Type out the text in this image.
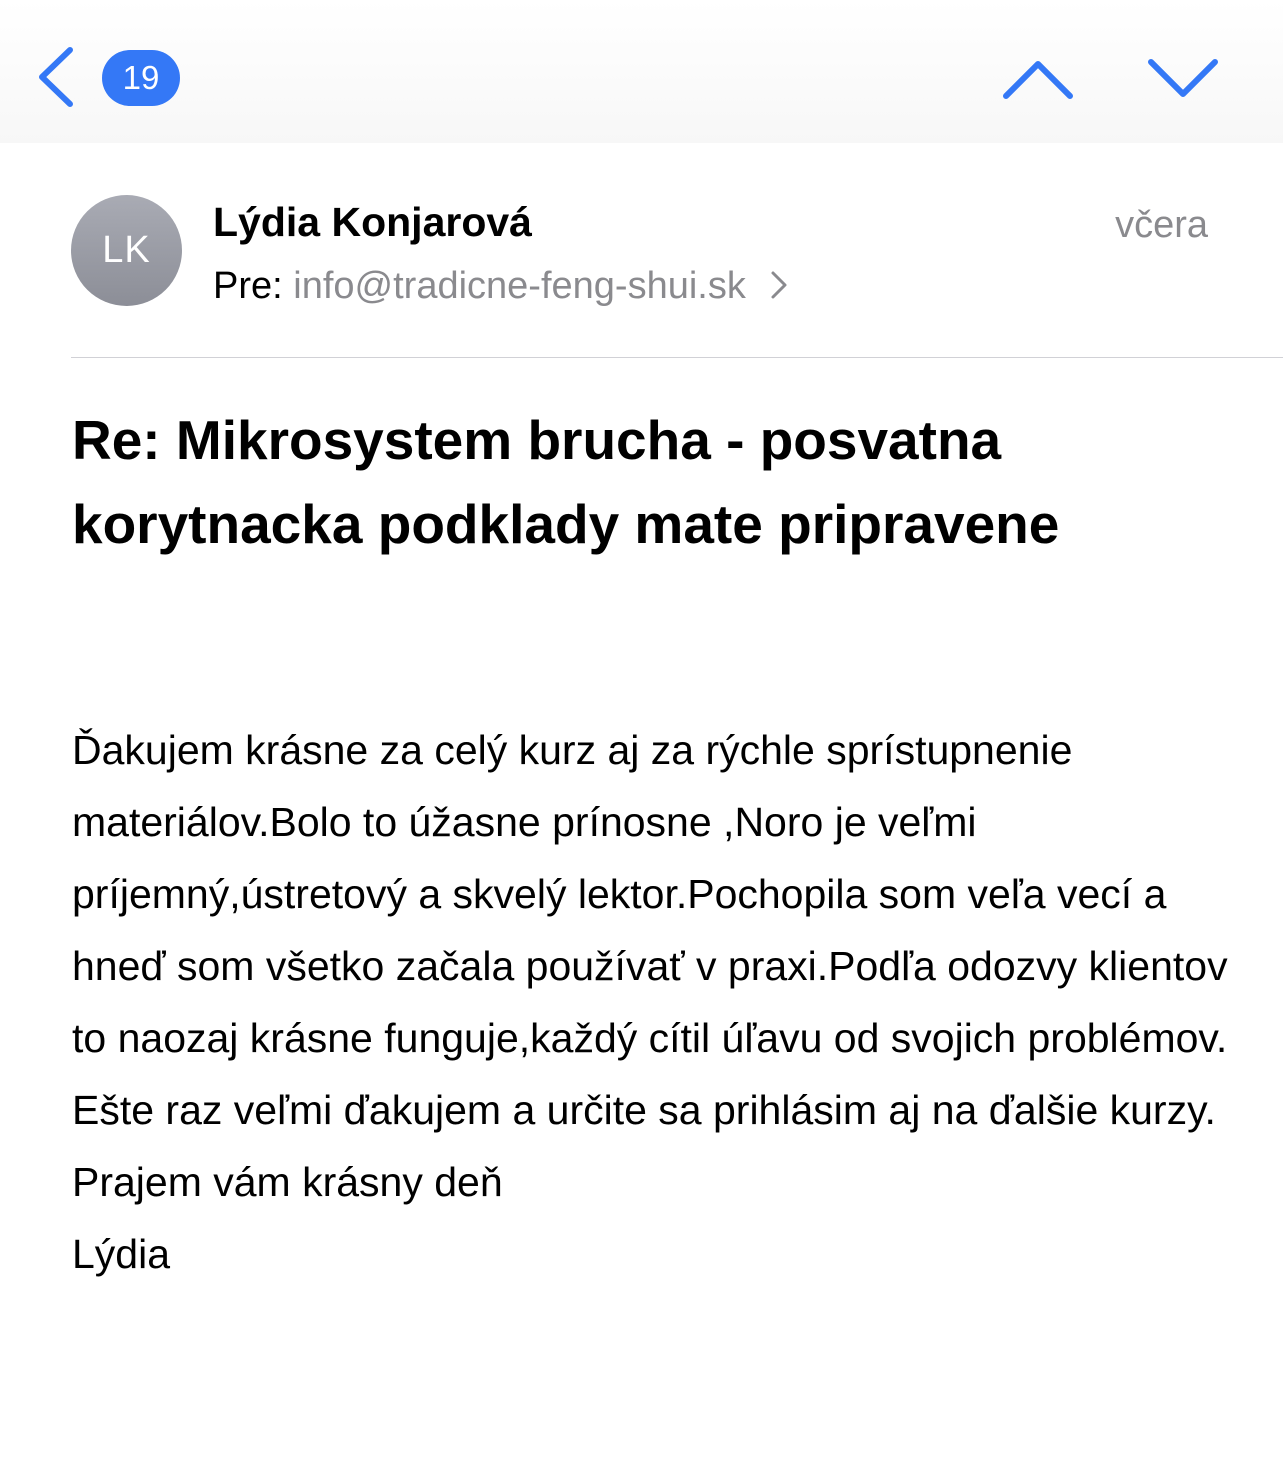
19
LK
Lýdia Konjarová	včera
Pre: info@tradicne-feng-shui.sk
Re: Mikrosystem brucha - posvatna korytnacka podklady mate pripravene

Ďakujem krásne za celý kurz aj za rýchle sprístupnenie materiálov.Bolo to úžasne prínosne ,Noro je veľmi príjemný,ústretový a skvelý lektor.Pochopila som veľa vecí a hneď som všetko začala používať v praxi.Podľa odozvy klientov to naozaj krásne funguje,každý cítil úľavu od svojich problémov. Ešte raz veľmi ďakujem a určite sa prihlásim aj na ďalšie kurzy.

Prajem vám krásny deň

Lýdia
